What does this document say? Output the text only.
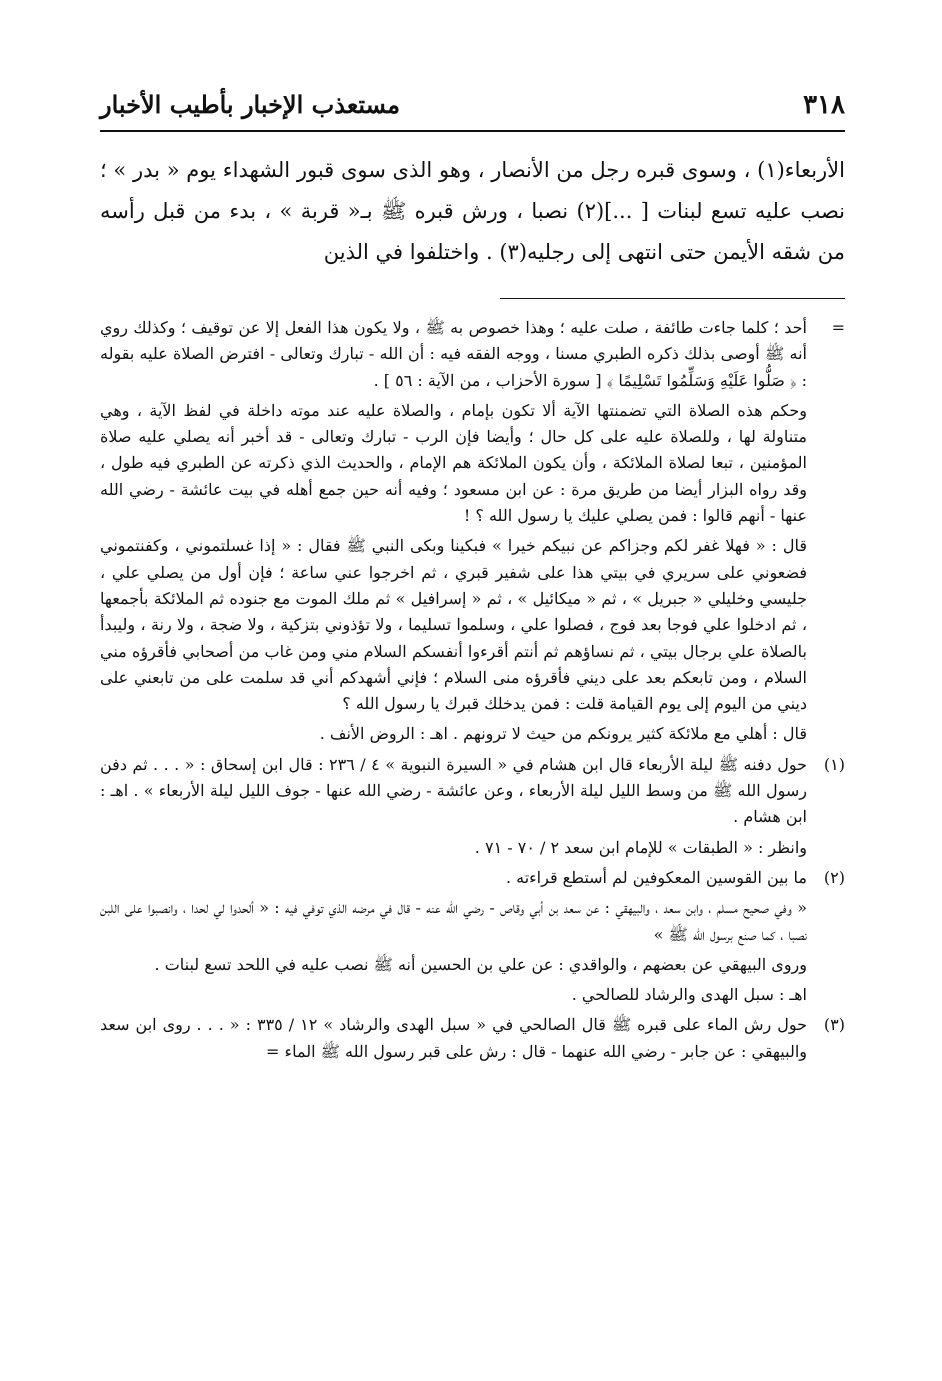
٣١٨
مستعذب الإخبار بأطيب الأخبار

الأربعاء(١) ، وسوى قبره رجل من الأنصار ، وهو الذى سوى قبور الشهداء يوم « بدر » ؛ نصب عليه تسع لبنات [ ...](٢) نصبا ، ورش قبره ﷺ بـ« قربة » ، بدء من قبل رأسه من شقه الأيمن حتى انتهى إلى رجليه(٣) . واختلفوا في الذين

=

أحد ؛ كلما جاءت طائفة ، صلت عليه ؛ وهذا خصوص به ﷺ ، ولا يكون هذا الفعل إلا عن توقيف ؛ وكذلك روي أنه ﷺ أوصى بذلك ذكره الطبري مسنا ، ووجه الفقه فيه : أن الله - تبارك وتعالى - افترض الصلاة عليه بقوله : ﴿ صَلُّوا عَلَيْهِ وَسَلِّمُوا تَسْلِيمًا ﴾ [ سورة الأحزاب ، من الآية : ٥٦ ] .

وحكم هذه الصلاة التي تضمنتها الآية ألا تكون بإمام ، والصلاة عليه عند موته داخلة في لفظ الآية ، وهي متناولة لها ، وللصلاة عليه على كل حال ؛ وأيضا فإن الرب - تبارك وتعالى - قد أخبر أنه يصلي عليه صلاة المؤمنين ، تبعا لصلاة الملائكة ، وأن يكون الملائكة هم الإمام ، والحديث الذي ذكرته عن الطبري فيه طول ، وقد رواه البزار أيضا من طريق مرة : عن ابن مسعود ؛ وفيه أنه حين جمع أهله في بيت عائشة - رضي الله عنها - أنهم قالوا : فمن يصلي عليك يا رسول الله ؟ !

قال : « فهلا غفر لكم وجزاكم عن نبيكم خيرا » فبكينا وبكى النبي ﷺ فقال : « إذا غسلتموني ، وكفنتموني فضعوني على سريري في بيتي هذا على شفير قبري ، ثم اخرجوا عني ساعة ؛ فإن أول من يصلي علي ، جليسي وخليلي « جبريل » ، ثم « ميكائيل » ، ثم « إسرافيل » ثم ملك الموت مع جنوده ثم الملائكة بأجمعها ، ثم ادخلوا علي فوجا بعد فوج ، فصلوا علي ، وسلموا تسليما ، ولا تؤذوني بتزكية ، ولا ضجة ، ولا رنة ، وليبدأ بالصلاة علي برجال بيتي ، ثم نساؤهم ثم أنتم أقرءوا أنفسكم السلام مني ومن غاب من أصحابي فأقرؤه مني السلام ، ومن تابعكم بعد على ديني فأقرؤه منى السلام ؛ فإني أشهدكم أني قد سلمت على من تابعني على ديني من اليوم إلى يوم القيامة قلت : فمن يدخلك قبرك يا رسول الله ؟

قال : أهلي مع ملائكة كثير يرونكم من حيث لا ترونهم . اهـ : الروض الأنف .

(١)

حول دفنه ﷺ ليلة الأربعاء قال ابن هشام في « السيرة النبوية » ٤ / ٢٣٦ : قال ابن إسحاق : « . . . ثم دفن رسول الله ﷺ من وسط الليل ليلة الأربعاء ، وعن عائشة - رضي الله عنها - جوف الليل ليلة الأربعاء » . اهـ : ابن هشام .

وانظر : « الطبقات » للإمام ابن سعد ٢ / ٧٠ - ٧١ .

(٢)

ما بين القوسين المعكوفين لم أستطع قراءته .

« وفي صحيح مسلم ، وابن سعد ، والبيهقي : عن سعد بن أبي وقاص - رضي الله عنه - قال في مرضه الذي توفي فيه : « ألحدوا لي لحدا ، وانصبوا على اللبن نصبا ، كما صنع برسول الله ﷺ »

وروى البيهقي عن بعضهم ، والواقدي : عن علي بن الحسين أنه ﷺ نصب عليه في اللحد تسع لبنات .

اهـ : سبل الهدى والرشاد للصالحي .

(٣)

حول رش الماء على قبره ﷺ قال الصالحي في « سبل الهدى والرشاد » ١٢ / ٣٣٥ : « . . . روى ابن سعد والبيهقي : عن جابر - رضي الله عنهما - قال : رش على قبر رسول الله ﷺ الماء =
